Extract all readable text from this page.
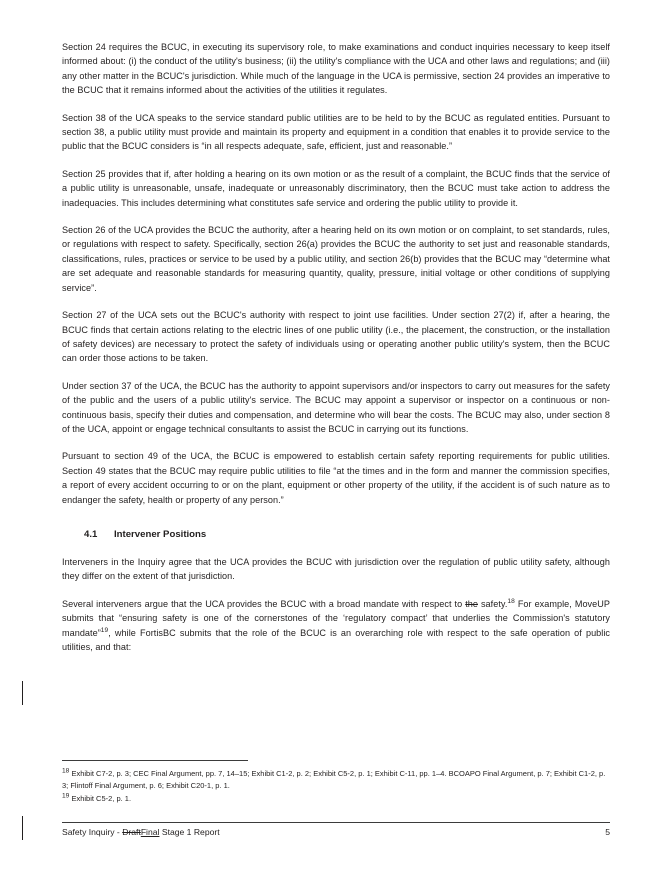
Section 24 requires the BCUC, in executing its supervisory role, to make examinations and conduct inquiries necessary to keep itself informed about: (i) the conduct of the utility's business; (ii) the utility's compliance with the UCA and other laws and regulations; and (iii) any other matter in the BCUC's jurisdiction. While much of the language in the UCA is permissive, section 24 provides an imperative to the BCUC that it remains informed about the activities of the utilities it regulates.

Section 38 of the UCA speaks to the service standard public utilities are to be held to by the BCUC as regulated entities. Pursuant to section 38, a public utility must provide and maintain its property and equipment in a condition that enables it to provide service to the public that the BCUC considers is “in all respects adequate, safe, efficient, just and reasonable.”

Section 25 provides that if, after holding a hearing on its own motion or as the result of a complaint, the BCUC finds that the service of a public utility is unreasonable, unsafe, inadequate or unreasonably discriminatory, then the BCUC must take action to address the inadequacies. This includes determining what constitutes safe service and ordering the public utility to provide it.

Section 26 of the UCA provides the BCUC the authority, after a hearing held on its own motion or on complaint, to set standards, rules, or regulations with respect to safety. Specifically, section 26(a) provides the BCUC the authority to set just and reasonable standards, classifications, rules, practices or service to be used by a public utility, and section 26(b) provides that the BCUC may “determine what are set adequate and reasonable standards for measuring quantity, quality, pressure, initial voltage or other conditions of supplying service”.

Section 27 of the UCA sets out the BCUC's authority with respect to joint use facilities. Under section 27(2) if, after a hearing, the BCUC finds that certain actions relating to the electric lines of one public utility (i.e., the placement, the construction, or the installation of safety devices) are necessary to protect the safety of individuals using or operating another public utility's system, then the BCUC can order those actions to be taken.

Under section 37 of the UCA, the BCUC has the authority to appoint supervisors and/or inspectors to carry out measures for the safety of the public and the users of a public utility's service. The BCUC may appoint a supervisor or inspector on a continuous or non-continuous basis, specify their duties and compensation, and determine who will bear the costs. The BCUC may also, under section 8 of the UCA, appoint or engage technical consultants to assist the BCUC in carrying out its functions.

Pursuant to section 49 of the UCA, the BCUC is empowered to establish certain safety reporting requirements for public utilities. Section 49 states that the BCUC may require public utilities to file “at the times and in the form and manner the commission specifies, a report of every accident occurring to or on the plant, equipment or other property of the utility, if the accident is of such nature as to endanger the safety, health or property of any person.”

4.1	Intervener Positions

Interveners in the Inquiry agree that the UCA provides the BCUC with jurisdiction over the regulation of public utility safety, although they differ on the extent of that jurisdiction.

Several interveners argue that the UCA provides the BCUC with a broad mandate with respect to the safety.$^{18}$ For example, MoveUP submits that “ensuring safety is one of the cornerstones of the ‘regulatory compact’ that underlies the Commission's statutory mandate”$^{19}$, while FortisBC submits that the role of the BCUC is an overarching role with respect to the safe operation of public utilities, and that:

$^{18}$ Exhibit C7-2, p. 3; CEC Final Argument, pp. 7, 14–15; Exhibit C1-2, p. 2; Exhibit C5-2, p. 1; Exhibit C-11, pp. 1–4. BCOAPO Final Argument, p. 7; Exhibit C1-2, p. 3; Flintoff Final Argument, p. 6; Exhibit C20-1, p. 1.

$^{19}$ Exhibit C5-2, p. 1.

Safety Inquiry - DraftFinal Stage 1 Report	5
